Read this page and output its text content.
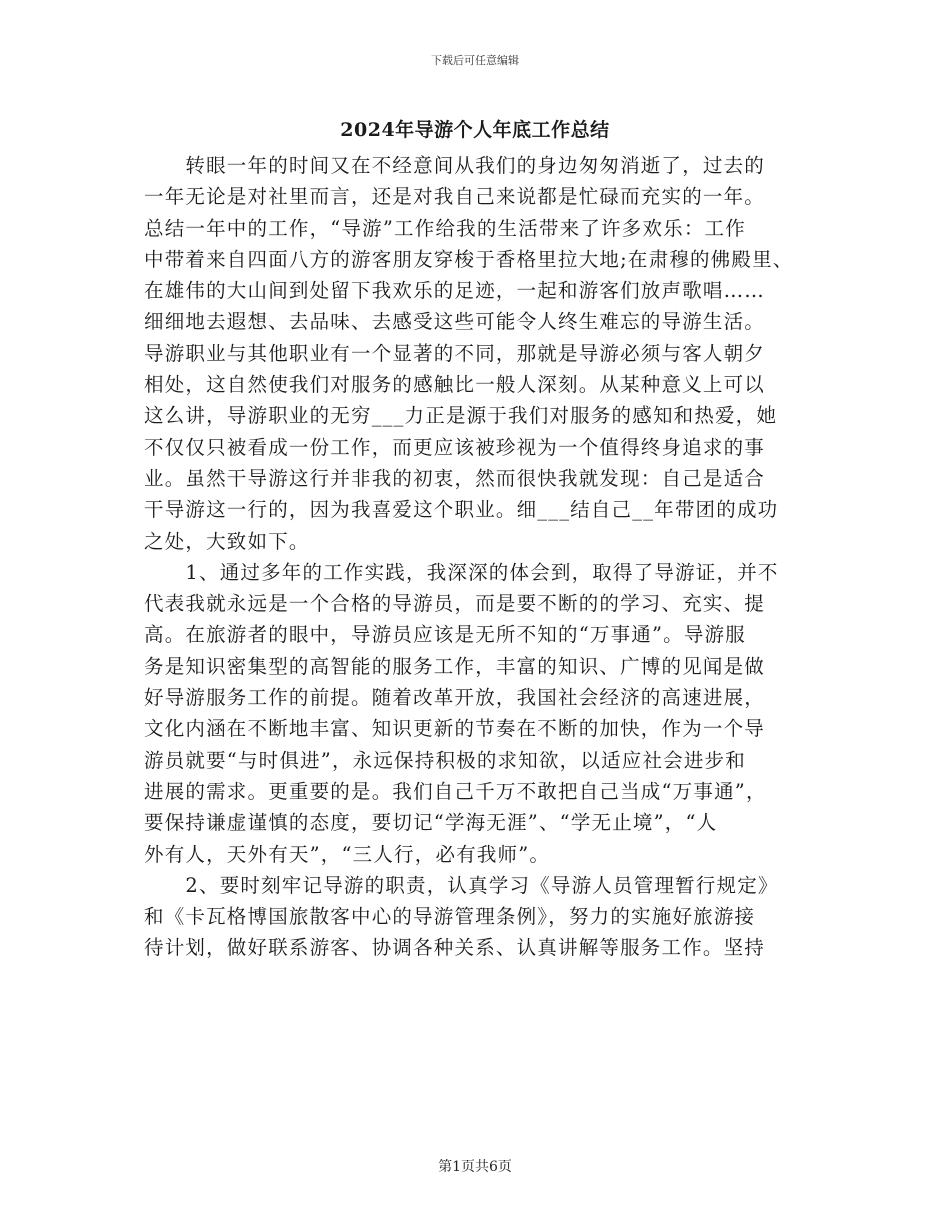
下载后可任意编辑
2024年导游个人年底工作总结
　　转眼一年的时间又在不经意间从我们的身边匆匆消逝了，过去的
一年无论是对社里而言，还是对我自己来说都是忙碌而充实的一年。
总结一年中的工作，“导游”工作给我的生活带来了许多欢乐：工作
中带着来自四面八方的游客朋友穿梭于香格里拉大地;在肃穆的佛殿里、
在雄伟的大山间到处留下我欢乐的足迹，一起和游客们放声歌唱……
细细地去遐想、去品味、去感受这些可能令人终生难忘的导游生活。
导游职业与其他职业有一个显著的不同，那就是导游必须与客人朝夕
相处，这自然使我们对服务的感触比一般人深刻。从某种意义上可以
这么讲，导游职业的无穷___力正是源于我们对服务的感知和热爱，她
不仅仅只被看成一份工作，而更应该被珍视为一个值得终身追求的事
业。虽然干导游这行并非我的初衷，然而很快我就发现：自己是适合
干导游这一行的，因为我喜爱这个职业。细___结自己__年带团的成功
之处，大致如下。
　　1、通过多年的工作实践，我深深的体会到，取得了导游证，并不
代表我就永远是一个合格的导游员，而是要不断的的学习、充实、提
高。在旅游者的眼中，导游员应该是无所不知的“万事通”。导游服
务是知识密集型的高智能的服务工作，丰富的知识、广博的见闻是做
好导游服务工作的前提。随着改革开放，我国社会经济的高速进展，
文化内涵在不断地丰富、知识更新的节奏在不断的加快，作为一个导
游员就要“与时俱进”，永远保持积极的求知欲，以适应社会进步和
进展的需求。更重要的是。我们自己千万不敢把自己当成“万事通”，
要保持谦虚谨慎的态度，要切记“学海无涯”、“学无止境”，“人
外有人，天外有天”，“三人行，必有我师”。
　　2、要时刻牢记导游的职责，认真学习《导游人员管理暂行规定》
和《卡瓦格博国旅散客中心的导游管理条例》，努力的实施好旅游接
待计划，做好联系游客、协调各种关系、认真讲解等服务工作。坚持
第1页共6页
